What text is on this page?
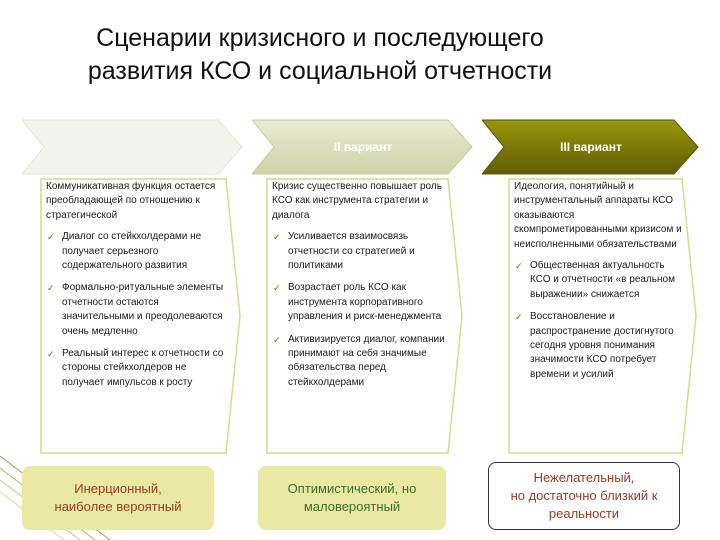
Сценарии кризисного и последующего
развития КСО и социальной отчетности
II вариант	III вариант

Коммуникативная функция остается преобладающей по отношению к стратегической

✓ Диалог со стейкхолдерами не получает серьезного содержательного развития
✓ Формально-ритуальные элементы отчетности остаются значительными и преодолеваются очень медленно
✓ Реальный интерес к отчетности со стороны стейкхолдеров не получает импульсов к росту

Кризис существенно повышает роль КСО как инструмента стратегии и диалога

✓ Усиливается взаимосвязь отчетности со стратегией и политиками
✓ Возрастает роль КСО как инструмента корпоративного управления и риск-менеджмента
✓ Активизируется диалог, компании принимают на себя значимые обязательства перед стейкхолдерами

Идеология, понятийный и инструментальный аппараты КСО оказываются скомпрометированными кризисом и неисполненными обязательствами

✓ Общественная актуальность КСО и отчетности «в реальном выражении» снижается
✓ Восстановление и распространение достигнутого сегодня уровня понимания значимости КСО потребует времени и усилий
Инерционный,
наиболее вероятный
Оптимистический, но
маловероятный
Нежелательный,
но достаточно близкий к
реальности
